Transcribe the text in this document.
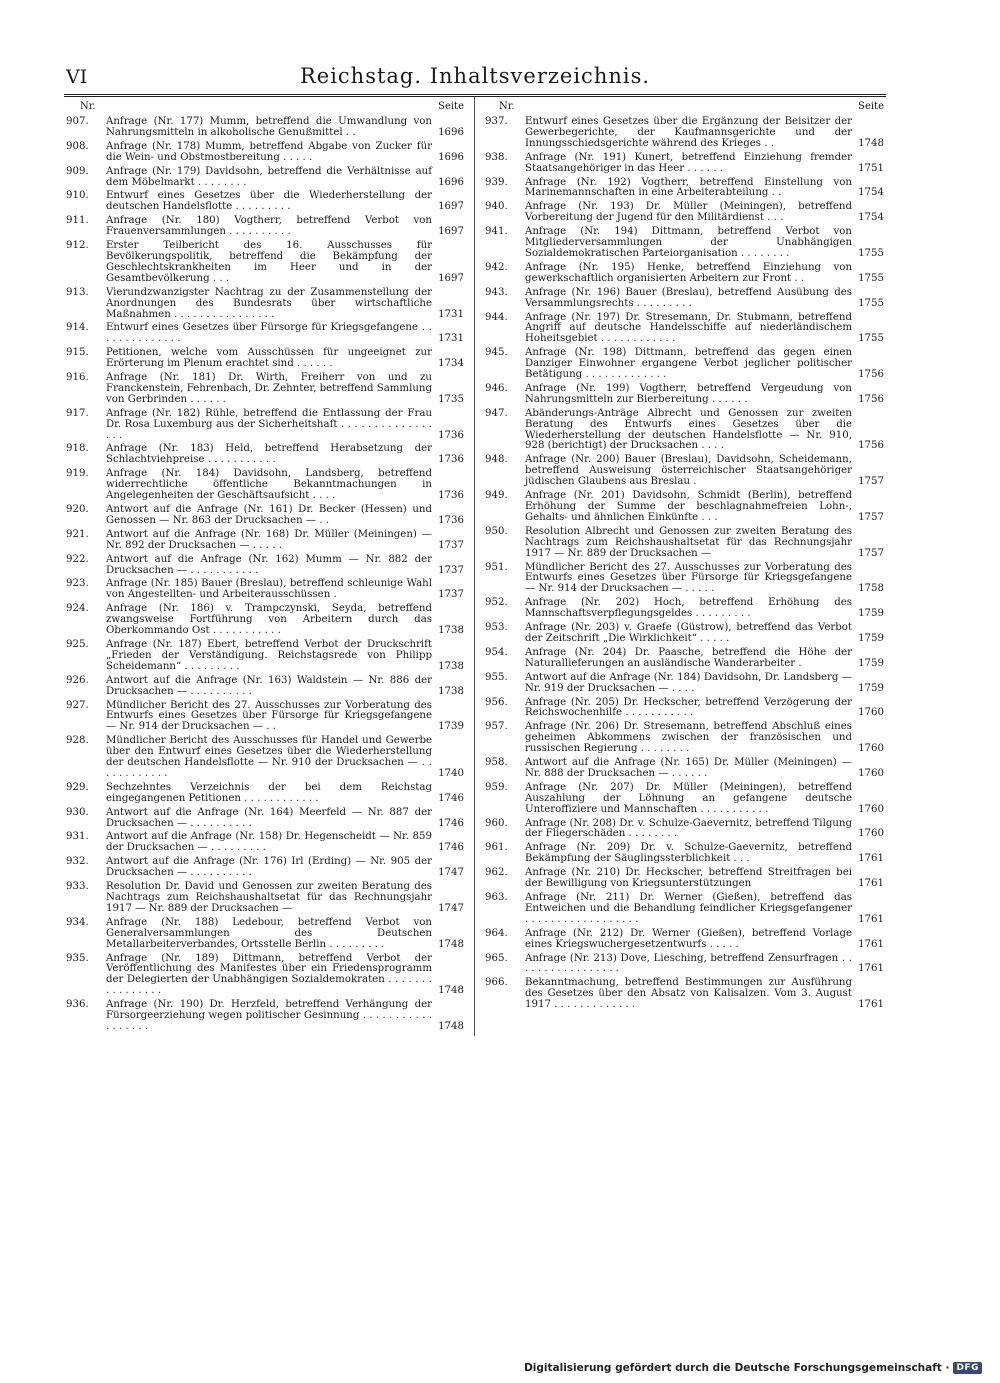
VI	Reichstag. Inhaltsverzeichnis.
Nr.	Seite
907.	Anfrage (Nr. 177) Mumm, betreffend die Umwandlung von Nahrungsmitteln in alkoholische Genußmittel . .	1696
908.	Anfrage (Nr. 178) Mumm, betreffend Abgabe von Zucker für die Wein- und Obstmostbereitung . . . . .	1696
909.	Anfrage (Nr. 179) Davidsohn, betreffend die Verhältnisse auf dem Möbelmarkt . . . . . . . .	1696
910.	Entwurf eines Gesetzes über die Wiederherstellung der deutschen Handelsflotte . . . . . . . . .	1697
911.	Anfrage (Nr. 180) Vogtherr, betreffend Verbot von Frauenversammlungen . . . . . . . . . .	1697
912.	Erster Teilbericht des 16. Ausschusses für Bevölkerungspolitik, betreffend die Bekämpfung der Geschlechtskrankheiten im Heer und in der Gesamtbevölkerung . . .	1697
913.	Vierundzwanzigster Nachtrag zu der Zusammenstellung der Anordnungen des Bundesrats über wirtschaftliche Maßnahmen . . . . . . . . . . . . . . . .	1731
914.	Entwurf eines Gesetzes über Fürsorge für Kriegsgefangene . . . . . . . . . . . . . .	1731
915.	Petitionen, welche vom Ausschüssen für ungeeignet zur Erörterung im Plenum erachtet sind . . . . . .	1734
916.	Anfrage (Nr. 181) Dr. Wirth, Freiherr von und zu Franckenstein, Fehrenbach, Dr. Zehnter, betreffend Sammlung von Gerbrinden . . . . . .	1735
917.	Anfrage (Nr. 182) Rühle, betreffend die Entlassung der Frau Dr. Rosa Luxemburg aus der Sicherheitshaft . . . . . . . . . . . . . . . . .	1736
918.	Anfrage (Nr. 183) Held, betreffend Herabsetzung der Schlachtviehpreise . . . . . . . . . . .	1736
919.	Anfrage (Nr. 184) Davidsohn, Landsberg, betreffend widerrechtliche öffentliche Bekanntmachungen in Angelegenheiten der Geschäftsaufsicht . . . .	1736
920.	Antwort auf die Anfrage (Nr. 161) Dr. Becker (Hessen) und Genossen — Nr. 863 der Drucksachen — . .	1736
921.	Antwort auf die Anfrage (Nr. 168) Dr. Müller (Meiningen) — Nr. 892 der Drucksachen — . . . . .	1737
922.	Antwort auf die Anfrage (Nr. 162) Mumm — Nr. 882 der Drucksachen — . . . . . . . . . . .	1737
923.	Anfrage (Nr. 185) Bauer (Breslau), betreffend schleunige Wahl von Angestellten- und Arbeiterausschüssen .	1737
924.	Anfrage (Nr. 186) v. Trampczynski, Seyda, betreffend zwangsweise Fortführung von Arbeitern durch das Oberkommando Ost . . . . . . . . . . .	1738
925.	Anfrage (Nr. 187) Ebert, betreffend Verbot der Druckschrift „Frieden der Verständigung. Reichstagsrede von Philipp Scheidemann“ . . . . . . . . .	1738
926.	Antwort auf die Anfrage (Nr. 163) Waldstein — Nr. 886 der Drucksachen — . . . . . . . . . .	1738
927.	Mündlicher Bericht des 27. Ausschusses zur Vorberatung des Entwurfs eines Gesetzes über Fürsorge für Kriegsgefangene — Nr. 914 der Drucksachen — . .	1739
928.	Mündlicher Bericht des Ausschusses für Handel und Gewerbe über den Entwurf eines Gesetzes über die Wiederherstellung der deutschen Handelsflotte — Nr. 910 der Drucksachen — . . . . . . . . . . . .	1740
929.	Sechzehntes Verzeichnis der bei dem Reichstag eingegangenen Petitionen . . . . . . . . . . . .	1746
930.	Antwort auf die Anfrage (Nr. 164) Meerfeld — Nr. 887 der Drucksachen — . . . . . . . . . .	1746
931.	Antwort auf die Anfrage (Nr. 158) Dr. Hegenscheidt — Nr. 859 der Drucksachen — . . . . . . . . .	1746
932.	Antwort auf die Anfrage (Nr. 176) Irl (Erding) — Nr. 905 der Drucksachen — . . . . . . . . . .	1747
933.	Resolution Dr. David und Genossen zur zweiten Beratung des Nachtrags zum Reichshaushaltsetat für das Rechnungsjahr 1917 — Nr. 889 der Drucksachen —	1747
934.	Anfrage (Nr. 188) Ledebour, betreffend Verbot von Generalversammlungen des Deutschen Metallarbeiterverbandes, Ortsstelle Berlin . . . . . . . . .	1748
935.	Anfrage (Nr. 189) Dittmann, betreffend Verbot der Veröffentlichung des Manifestes über ein Friedensprogramm der Delegierten der Unabhängigen Sozialdemokraten . . . . . . . . . . . . . . . .	1748
936.	Anfrage (Nr. 190) Dr. Herzfeld, betreffend Verhängung der Fürsorgeerziehung wegen politischer Gesinnung . . . . . . . . . . . . . . . . . .	1748
Nr.	Seite
937.	Entwurf eines Gesetzes über die Ergänzung der Beisitzer der Gewerbegerichte, der Kaufmannsgerichte und der Innungsschiedsgerichte während des Krieges . .	1748
938.	Anfrage (Nr. 191) Kunert, betreffend Einziehung fremder Staatsangehöriger in das Heer . . . . . .	1751
939.	Anfrage (Nr. 192) Vogtherr, betreffend Einstellung von Marinemannschaften in eine Arbeiterabteilung . .	1754
940.	Anfrage (Nr. 193) Dr. Müller (Meiningen), betreffend Vorbereitung der Jugend für den Militärdienst . . .	1754
941.	Anfrage (Nr. 194) Dittmann, betreffend Verbot von Mitgliederversammlungen der Unabhängigen Sozialdemokratischen Parteiorganisation . . . . . . . .	1755
942.	Anfrage (Nr. 195) Henke, betreffend Einziehung von gewerkschaftlich organisierten Arbeitern zur Front . .	1755
943.	Anfrage (Nr. 196) Bauer (Breslau), betreffend Ausübung des Versammlungsrechts . . . . . . . . .	1755
944.	Anfrage (Nr. 197) Dr. Stresemann, Dr. Stubmann, betreffend Angriff auf deutsche Handelsschiffe auf niederländischem Hoheitsgebiet . . . . . . . . . . . .	1755
945.	Anfrage (Nr. 198) Dittmann, betreffend das gegen einen Danziger Einwohner ergangene Verbot jeglicher politischer Betätigung . . . . . . . . . . . . .	1756
946.	Anfrage (Nr. 199) Vogtherr, betreffend Vergeudung von Nahrungsmitteln zur Bierbereitung . . . . . .	1756
947.	Abänderungs-Anträge Albrecht und Genossen zur zweiten Beratung des Entwurfs eines Gesetzes über die Wiederherstellung der deutschen Handelsflotte — Nr. 910, 928 (berichtigt) der Drucksachen . . . .	1756
948.	Anfrage (Nr. 200) Bauer (Breslau), Davidsohn, Scheidemann, betreffend Ausweisung österreichischer Staatsangehöriger jüdischen Glaubens aus Breslau .	1757
949.	Anfrage (Nr. 201) Davidsohn, Schmidt (Berlin), betreffend Erhöhung der Summe der beschlagnahmefreien Lohn-, Gehalts- und ähnlichen Einkünfte . . .	1757
950.	Resolution Albrecht und Genossen zur zweiten Beratung des Nachtrags zum Reichshaushaltsetat für das Rechnungsjahr 1917 — Nr. 889 der Drucksachen —	1757
951.	Mündlicher Bericht des 27. Ausschusses zur Vorberatung des Entwurfs eines Gesetzes über Fürsorge für Kriegsgefangene — Nr. 914 der Drucksachen — . . . . .	1758
952.	Anfrage (Nr. 202) Hoch, betreffend Erhöhung des Mannschaftsverpflegungsgeldes . . . . . . . . .	1759
953.	Anfrage (Nr. 203) v. Graefe (Güstrow), betreffend das Verbot der Zeitschrift „Die Wirklichkeit“ . . . . .	1759
954.	Anfrage (Nr. 204) Dr. Paasche, betreffend die Höhe der Naturallieferungen an ausländische Wanderarbeiter .	1759
955.	Antwort auf die Anfrage (Nr. 184) Davidsohn, Dr. Landsberg — Nr. 919 der Drucksachen — . . . .	1759
956.	Anfrage (Nr. 205) Dr. Heckscher, betreffend Verzögerung der Reichswochenhilfe . . . . . . . . . . .	1760
957.	Anfrage (Nr. 206) Dr. Stresemann, betreffend Abschluß eines geheimen Abkommens zwischen der französischen und russischen Regierung . . . . . . . .	1760
958.	Antwort auf die Anfrage (Nr. 165) Dr. Müller (Meiningen) — Nr. 888 der Drucksachen — . . . . . .	1760
959.	Anfrage (Nr. 207) Dr. Müller (Meiningen), betreffend Auszahlung der Löhnung an gefangene deutsche Unteroffiziere und Mannschaften . . . . . . . . . . .	1760
960.	Anfrage (Nr. 208) Dr. v. Schulze-Gaevernitz, betreffend Tilgung der Fliegerschäden . . . . . . . .	1760
961.	Anfrage (Nr. 209) Dr. v. Schulze-Gaevernitz, betreffend Bekämpfung der Säuglingssterblichkeit . . .	1761
962.	Anfrage (Nr. 210) Dr. Heckscher, betreffend Streitfragen bei der Bewilligung von Kriegsunterstützungen	1761
963.	Anfrage (Nr. 211) Dr. Werner (Gießen), betreffend das Entweichen und die Behandlung feindlicher Kriegsgefangener . . . . . . . . . . . . . . . . . .	1761
964.	Anfrage (Nr. 212) Dr. Werner (Gießen), betreffend Vorlage eines Kriegswuchergesetzentwurfs . . . . .	1761
965.	Anfrage (Nr. 213) Dove, Liesching, betreffend Zensurfragen . . . . . . . . . . . . . . . . .	1761
966.	Bekanntmachung, betreffend Bestimmungen zur Ausführung des Gesetzes über den Absatz von Kalisalzen. Vom 3. August 1917 . . . . . . . . . . . . .	1761
Digitalisierung gefördert durch die Deutsche Forschungsgemeinschaft · DFG
